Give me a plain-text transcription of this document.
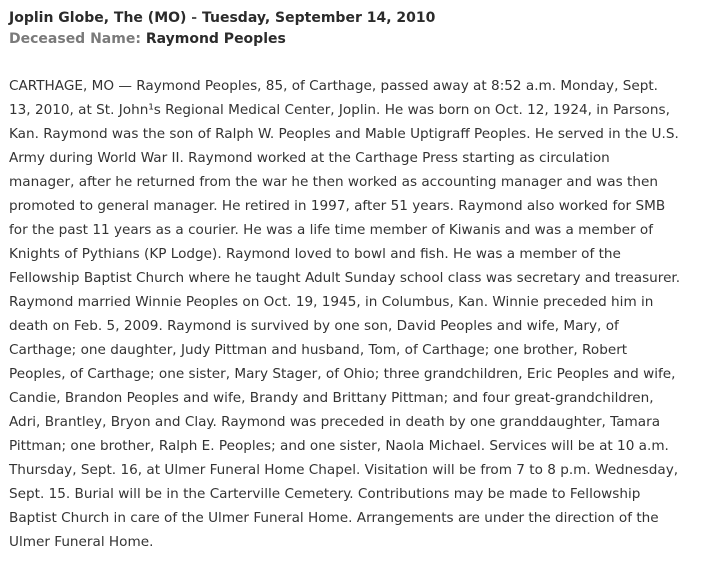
Joplin Globe, The (MO) - Tuesday, September 14, 2010
Deceased Name: Raymond Peoples
CARTHAGE, MO — Raymond Peoples, 85, of Carthage, passed away at 8:52 a.m. Monday, Sept.
13, 2010, at St. John¹s Regional Medical Center, Joplin. He was born on Oct. 12, 1924, in Parsons,
Kan. Raymond was the son of Ralph W. Peoples and Mable Uptigraff Peoples. He served in the U.S.
Army during World War II. Raymond worked at the Carthage Press starting as circulation
manager, after he returned from the war he then worked as accounting manager and was then
promoted to general manager. He retired in 1997, after 51 years. Raymond also worked for SMB
for the past 11 years as a courier. He was a life time member of Kiwanis and was a member of
Knights of Pythians (KP Lodge). Raymond loved to bowl and fish. He was a member of the
Fellowship Baptist Church where he taught Adult Sunday school class was secretary and treasurer.
Raymond married Winnie Peoples on Oct. 19, 1945, in Columbus, Kan. Winnie preceded him in
death on Feb. 5, 2009. Raymond is survived by one son, David Peoples and wife, Mary, of
Carthage; one daughter, Judy Pittman and husband, Tom, of Carthage; one brother, Robert
Peoples, of Carthage; one sister, Mary Stager, of Ohio; three grandchildren, Eric Peoples and wife,
Candie, Brandon Peoples and wife, Brandy and Brittany Pittman; and four great-grandchildren,
Adri, Brantley, Bryon and Clay. Raymond was preceded in death by one granddaughter, Tamara
Pittman; one brother, Ralph E. Peoples; and one sister, Naola Michael. Services will be at 10 a.m.
Thursday, Sept. 16, at Ulmer Funeral Home Chapel. Visitation will be from 7 to 8 p.m. Wednesday,
Sept. 15. Burial will be in the Carterville Cemetery. Contributions may be made to Fellowship
Baptist Church in care of the Ulmer Funeral Home. Arrangements are under the direction of the
Ulmer Funeral Home.
